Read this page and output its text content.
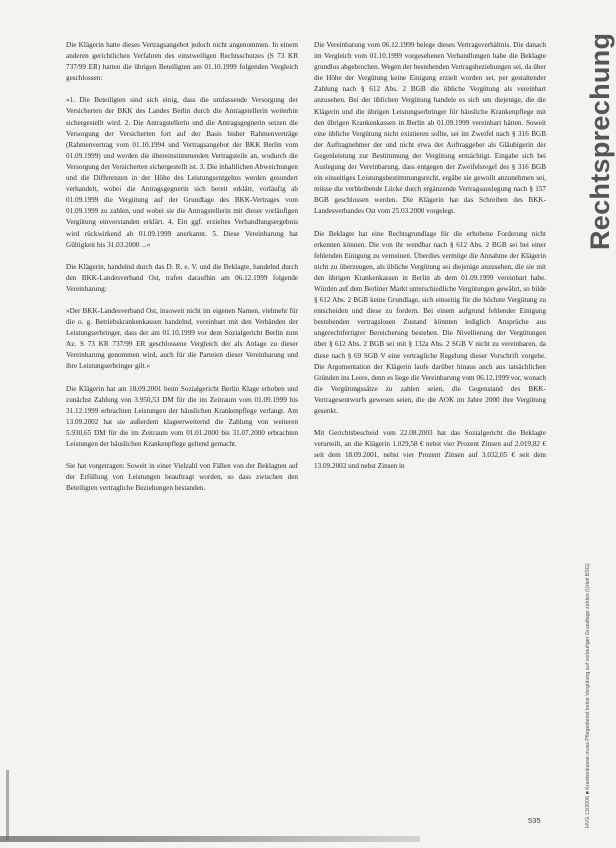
Die Klägerin hatte dieses Vertragsangebot jedoch nicht angenommen. In einem anderen gerichtlichen Verfahren des einstweiligen Rechtsschutzes (S 73 KR 737/99 ER) hatten die übrigen Beteiligten am 01.10.1999 folgenden Vergleich geschlossen:

»1. Die Beteiligten sind sich einig, dass die umfassende Versorgung der Versicherten der BKK des Landes Berlin durch die Antragstellerin weiterhin sichergestellt wird. 2. Die Antragstellerin und die Antragsgegnerin setzen die Versorgung der Versicherten fort auf der Basis bisher Rahmenverträge (Rahmenvertrag vom 01.10.1994 und Vertragsangebot der BKK Berlin vom 01.09.1999) und werden die übereinstimmenden Vertragsteile an, wodurch die Versorgung der Versicherten sichergestellt ist. 3. Die inhaltlichen Abweichungen und die Differenzen in der Höhe des Leistungsentgeltes werden gesondert verhandelt, wobei die Antragsgegnerin sich bereit erklärt, vorläufig ab 01.09.1999 die Vergütung auf der Grundlage des BKK-Vertrages vom 01.09.1999 zu zahlen, und wobei sie die Antragstellerin mit dieser vorläufigen Vergütung einverstanden erklärt. 4. Ein ggf. erzieltes Verhandlungsergebnis wird rückwirkend ab 01.09.1999 anerkannt. 5. Diese Vereinbarung hat Gültigkeit bis 31.03.2000 ...«

Die Klägerin, handelnd durch das D. R. e. V. und die Beklagte, handelnd durch den BKK-Landesverband Ost, trafen daraufhin am 06.12.1999 folgende Vereinbarung:

»Der BKK-Landesverband Ost, insoweit nicht im eigenen Namen, vielmehr für die o. g. Betriebskrankenkassen handelnd, vereinbart mit den Verbänden der Leistungserbringer, dass der am 01.10.1999 vor dem Sozialgericht Berlin zum Az. S 73 KR 737/99 ER geschlossene Vergleich der als Anlage zu dieser Vereinbarung genommen wird, auch für die Parteien dieser Vereinbarung und ihre Leistungserbringer gilt.«

Die Klägerin hat am 18.09.2001 beim Sozialgericht Berlin Klage erhoben und zunächst Zahlung von 3.950,53 DM für die im Zeitraum vom 01.09.1999 bis 31.12.1999 erbrachten Leistungen der häuslichen Krankenpflege verlangt. Am 13.09.2002 hat sie außerdem klageerweiternd die Zahlung von weiteren 5.930,65 DM für die im Zeitraum vom 01.01.2000 bis 31.07.2000 erbrachten Leistungen der häuslichen Krankenpflege geltend gemacht.

Sie hat vorgetragen: Soweit in einer Vielzahl von Fällen von der Beklagten auf der Erfüllung von Leistungen beauftragt worden, so dass zwischen den Beteiligten vertragliche Beziehungen bestanden.

Die Vereinbarung vom 06.12.1999 belege dieses Vertragsverhältnis. Die danach im Vergleich vom 01.10.1999 vorgesehenen Verhandlungen habe die Beklagte grundlos abgebrochen. Wegen der bestehenden Vertragsbeziehungen sei, da über die Höhe der Vergütung keine Einigung erzielt worden sei, per gestaltender Zahlung nach § 612 Abs. 2 BGB die übliche Vergütung als vereinbart anzusehen. Bei der üblichen Vergütung handele es sich um diejenige, die die Klägerin und die übrigen Leistungserbringer für häusliche Krankenpflege mit den übrigen Krankenkassen in Berlin ab 01.09.1999 vereinbart hätten. Soweit eine übliche Vergütung nicht existieren sollte, sei im Zweifel nach § 316 BGB der Auftragnehmer der und nicht etwa der Auftraggeber als Gläubigerin der Gegenleistung zur Bestimmung der Vergütung ermächtigt. Eingabe sich bei Auslegung der Vereinbarung, dass entgegen der Zweifelsregel des § 316 BGB ein einseitiges Leistungsbestimmungsrecht, ergäbe sie gewollt anzunehmen sei, müsse die verbleibende Lücke durch ergänzende Vertragsauslegung nach § 157 BGB geschlossen werden. Die Klägerin hat das Schreiben des BKK-Landesverbandes Ost vom 25.03.2000 vorgelegt.

Die Beklagte hat eine Rechtsgrundlage für die erhobene Forderung nicht erkennen können. Die von ihr wendbar nach § 612 Abs. 2 BGB sei bei einer fehlenden Einigung zu verneinen. Überdies vermöge die Annahme der Klägerin nicht zu überzeugen, als übliche Vergütung sei diejenige anzusehen, die sie mit den übrigen Krankenkassen in Berlin ab dem 01.09.1999 vereinbart habe. Würden auf dem Berliner Markt unterschiedliche Vergütungen gewährt, so bilde § 612 Abs. 2 BGB keine Grundlage, sich einseitig für die höchste Vergütung zu entscheiden und diese zu fordern. Bei einem aufgrund fehlender Einigung bestehenden vertragslosen Zustand könnten lediglich Ansprüche aus ungerechtfertigter Bereicherung bestehen. Die Nivellierung der Vergütungen über § 612 Abs. 2 BGB sei mit § 132a Abs. 2 SGB V nicht zu vereinbaren, da diese nach § 69 SGB V eine vertragliche Regelung dieser Vorschrift vorgehe. Die Argumentation der Klägerin laufe darüber hinaus auch aus tatsächlichen Gründen ins Leere, denn es liege die Vereinbarung vom 06.12.1999 vor, wonach die Vergütungssätze zu zahlen seien, die Gegenstand des BKK-Vertragesentwurfs gewesen seien, die die AOK im Jahre 2000 ihre Vergütung gesenkt.

Mit Gerichtsbescheid vom 22.08.2003 hat das Sozialgericht die Beklagte verurteilt, an die Klägerin 1.029,58 € nebst vier Prozent Zinsen auf 2.019,82 € seit dem 18.09.2001, nebst vier Prozent Zinsen auf 3.032,05 € seit dem 13.09.2002 und nebst Zinsen in

Rechtsprechung
HVG 13/2006 ■ Krankenkasse muss Pflegedienst keine Vergütung auf vorläufiger Grundlage zahlen (Urteil BSG)
535
